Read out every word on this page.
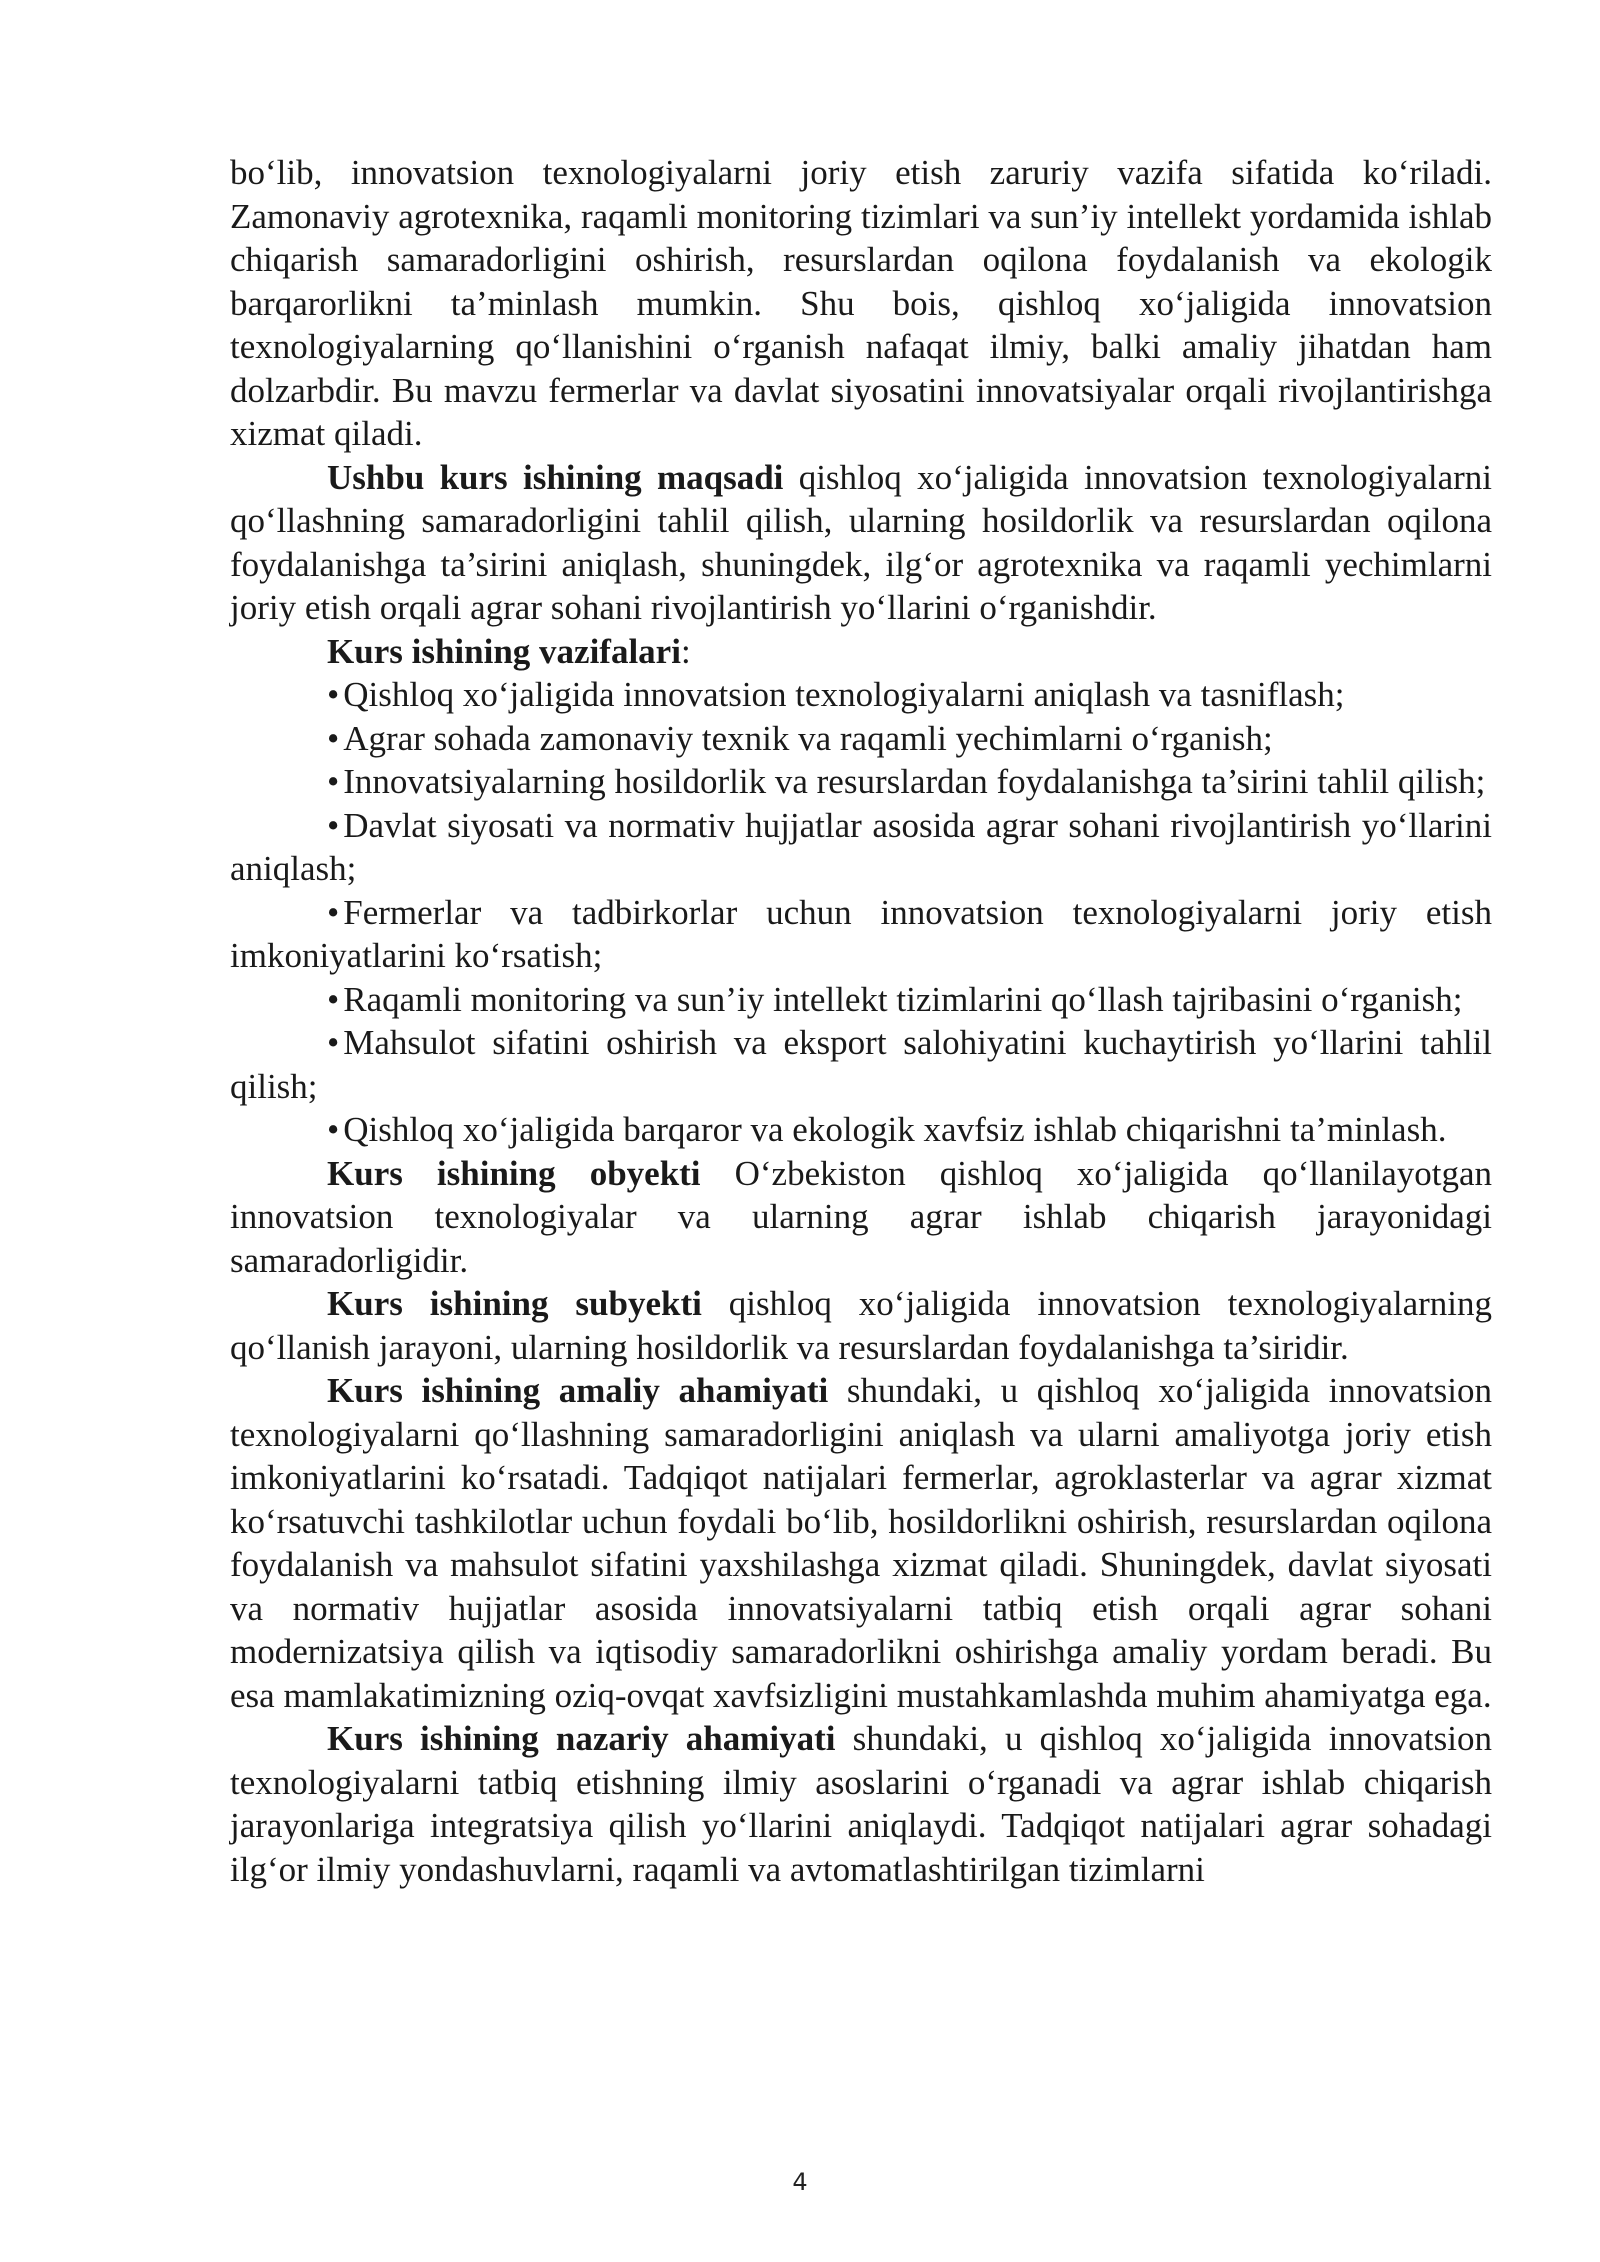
bo‘lib, innovatsion texnologiyalarni joriy etish zaruriy vazifa sifatida ko‘riladi. Zamonaviy agrotexnika, raqamli monitoring tizimlari va sun’iy intellekt yordamida ishlab chiqarish samaradorligini oshirish, resurslardan oqilona foydalanish va ekologik barqarorlikni ta’minlash mumkin. Shu bois, qishloq xo‘jaligida innovatsion texnologiyalarning qo‘llanishini o‘rganish nafaqat ilmiy, balki amaliy jihatdan ham dolzarbdir. Bu mavzu fermerlar va davlat siyosatini innovatsiyalar orqali rivojlantirishga xizmat qiladi.

Ushbu kurs ishining maqsadi qishloq xo‘jaligida innovatsion texnologiyalarni qo‘llashning samaradorligini tahlil qilish, ularning hosildorlik va resurslardan oqilona foydalanishga ta’sirini aniqlash, shuningdek, ilg‘or agrotexnika va raqamli yechimlarni joriy etish orqali agrar sohani rivojlantirish yo‘llarini o‘rganishdir.

Kurs ishining vazifalari:

• Qishloq xo‘jaligida innovatsion texnologiyalarni aniqlash va tasniflash;

• Agrar sohada zamonaviy texnik va raqamli yechimlarni o‘rganish;

• Innovatsiyalarning hosildorlik va resurslardan foydalanishga ta’sirini tahlil qilish;

• Davlat siyosati va normativ hujjatlar asosida agrar sohani rivojlantirish yo‘llarini aniqlash;

• Fermerlar va tadbirkorlar uchun innovatsion texnologiyalarni joriy etish imkoniyatlarini ko‘rsatish;

• Raqamli monitoring va sun’iy intellekt tizimlarini qo‘llash tajribasini o‘rganish;

• Mahsulot sifatini oshirish va eksport salohiyatini kuchaytirish yo‘llarini tahlil qilish;

• Qishloq xo‘jaligida barqaror va ekologik xavfsiz ishlab chiqarishni ta’minlash.

Kurs ishining obyekti O‘zbekiston qishloq xo‘jaligida qo‘llanilayotgan innovatsion texnologiyalar va ularning agrar ishlab chiqarish jarayonidagi samaradorligidir.

Kurs ishining subyekti qishloq xo‘jaligida innovatsion texnologiyalarning qo‘llanish jarayoni, ularning hosildorlik va resurslardan foydalanishga ta’siridir.

Kurs ishining amaliy ahamiyati shundaki, u qishloq xo‘jaligida innovatsion texnologiyalarni qo‘llashning samaradorligini aniqlash va ularni amaliyotga joriy etish imkoniyatlarini ko‘rsatadi. Tadqiqot natijalari fermerlar, agroklasterlar va agrar xizmat ko‘rsatuvchi tashkilotlar uchun foydali bo‘lib, hosildorlikni oshirish, resurslardan oqilona foydalanish va mahsulot sifatini yaxshilashga xizmat qiladi. Shuningdek, davlat siyosati va normativ hujjatlar asosida innovatsiyalarni tatbiq etish orqali agrar sohani modernizatsiya qilish va iqtisodiy samaradorlikni oshirishga amaliy yordam beradi. Bu esa mamlakatimizning oziq-ovqat xavfsizligini mustahkamlashda muhim ahamiyatga ega.

Kurs ishining nazariy ahamiyati shundaki, u qishloq xo‘jaligida innovatsion texnologiyalarni tatbiq etishning ilmiy asoslarini o‘rganadi va agrar ishlab chiqarish jarayonlariga integratsiya qilish yo‘llarini aniqlaydi. Tadqiqot natijalari agrar sohadagi ilg‘or ilmiy yondashuvlarni, raqamli va avtomatlashtirilgan tizimlarni

4
